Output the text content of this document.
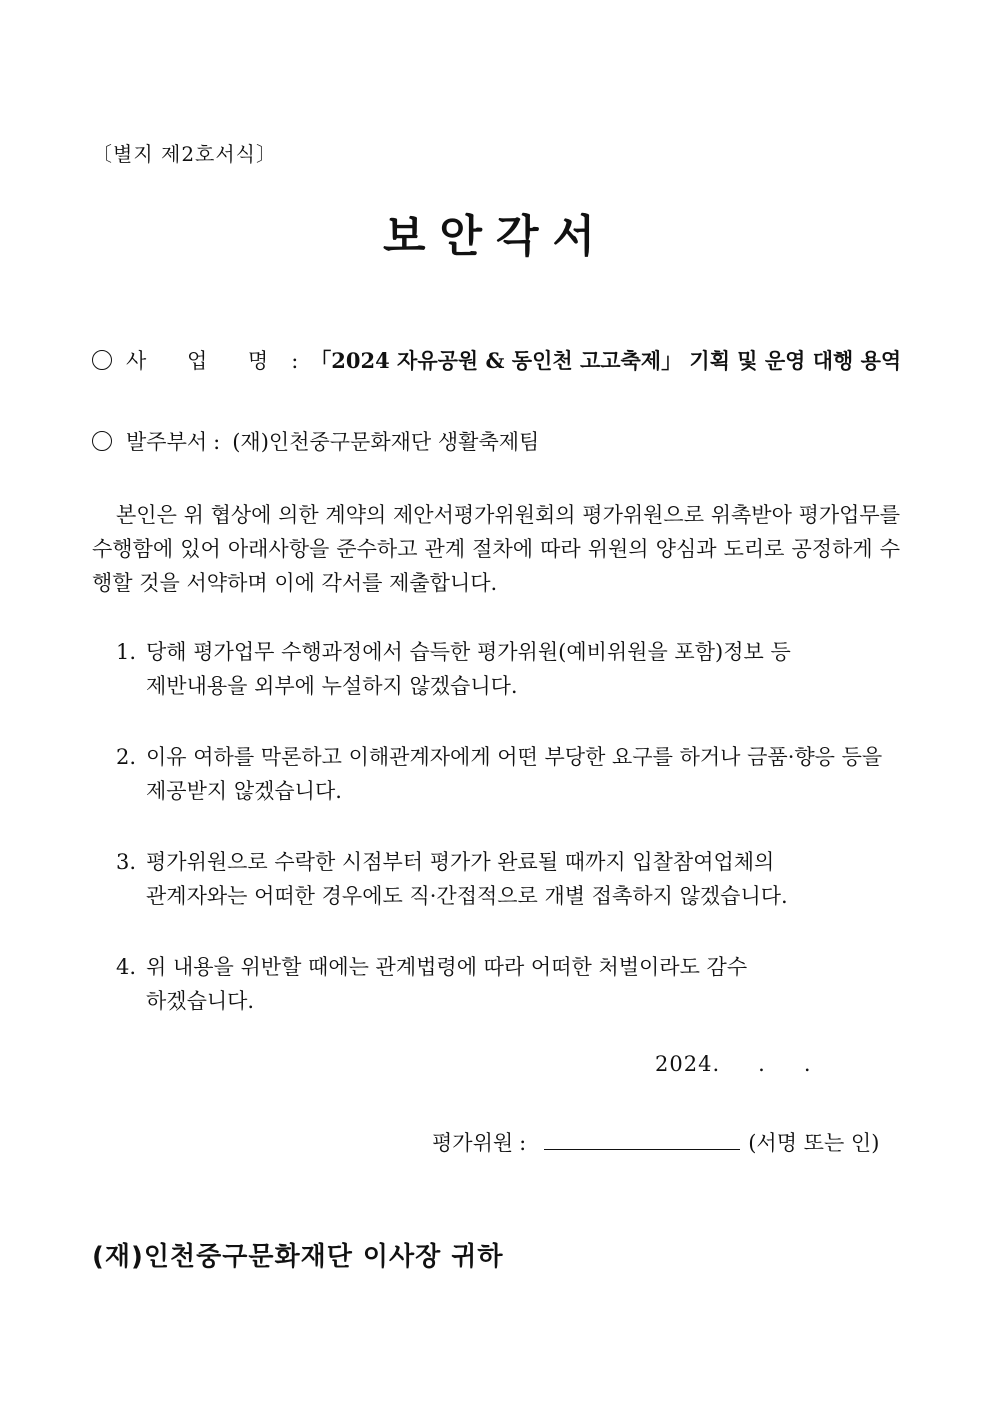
〔별지 제2호서식〕
보안각서
사 업 명 : 「2024 자유공원 & 동인천 고고축제」 기획 및 운영 대행 용역
발주부서 : (재)인천중구문화재단 생활축제팀
본인은 위 협상에 의한 계약의 제안서평가위원회의 평가위원으로 위촉받아 평가업무를 수행함에 있어 아래사항을 준수하고 관계 절차에 따라 위원의 양심과 도리로 공정하게 수행할 것을 서약하며 이에 각서를 제출합니다.
1. 당해 평가업무 수행과정에서 습득한 평가위원(예비위원을 포함)정보 등
제반내용을 외부에 누설하지 않겠습니다.
2. 이유 여하를 막론하고 이해관계자에게 어떤 부당한 요구를 하거나 금품·향응 등을
제공받지 않겠습니다.
3. 평가위원으로 수락한 시점부터 평가가 완료될 때까지 입찰참여업체의
관계자와는 어떠한 경우에도 직·간접적으로 개별 접촉하지 않겠습니다.
4. 위 내용을 위반할 때에는 관계법령에 따라 어떠한 처벌이라도 감수
하겠습니다.
2024. . .
평가위원 :	(서명 또는 인)
(재)인천중구문화재단 이사장 귀하
